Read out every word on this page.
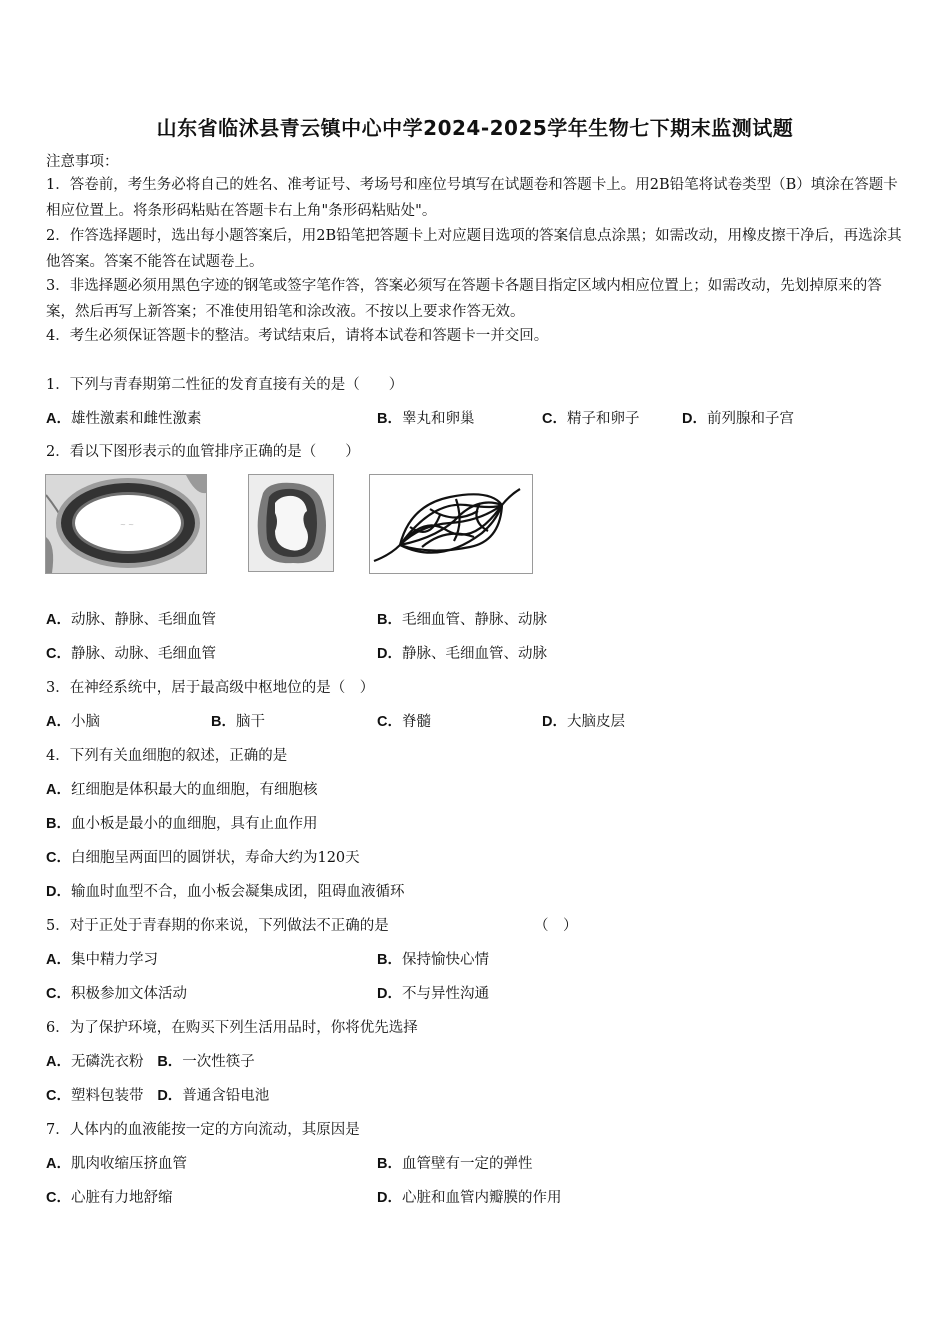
山东省临沭县青云镇中心中学2024-2025学年生物七下期末监测试题
注意事项：
1．答卷前，考生务必将自己的姓名、准考证号、考场号和座位号填写在试题卷和答题卡上。用2B铅笔将试卷类型（B）填涂在答题卡相应位置上。将条形码粘贴在答题卡右上角"条形码粘贴处"。
2．作答选择题时，选出每小题答案后，用2B铅笔把答题卡上对应题目选项的答案信息点涂黑；如需改动，用橡皮擦干净后，再选涂其他答案。答案不能答在试题卷上。
3．非选择题必须用黑色字迹的钢笔或签字笔作答，答案必须写在答题卡各题目指定区域内相应位置上；如需改动，先划掉原来的答案，然后再写上新答案；不准使用铅笔和涂改液。不按以上要求作答无效。
4．考生必须保证答题卡的整洁。考试结束后，请将本试卷和答题卡一并交回。
1．下列与青春期第二性征的发育直接有关的是（　　）
A．雄性激素和雌性激素	B．睾丸和卵巢	C．精子和卵子	D．前列腺和子宫
2．看以下图形表示的血管排序正确的是（　　）
~ ~
A．动脉、静脉、毛细血管	B．毛细血管、静脉、动脉
C．静脉、动脉、毛细血管	D．静脉、毛细血管、动脉
3．在神经系统中，居于最高级中枢地位的是（　）
A．小脑	B．脑干	C．脊髓	D．大脑皮层
4．下列有关血细胞的叙述，正确的是
A．红细胞是体积最大的血细胞，有细胞核
B．血小板是最小的血细胞，具有止血作用
C．白细胞呈两面凹的圆饼状，寿命大约为120天
D．输血时血型不合，血小板会凝集成团，阻碍血液循环
5．对于正处于青春期的你来说，下列做法不正确的是	（　）
A．集中精力学习	B．保持愉快心情
C．积极参加文体活动	D．不与异性沟通
6．为了保护环境，在购买下列生活用品时，你将优先选择
A．无磷洗衣粉 B．一次性筷子
C．塑料包装带 D．普通含铅电池
7．人体内的血液能按一定的方向流动，其原因是
A．肌肉收缩压挤血管	B．血管壁有一定的弹性
C．心脏有力地舒缩	D．心脏和血管内瓣膜的作用
